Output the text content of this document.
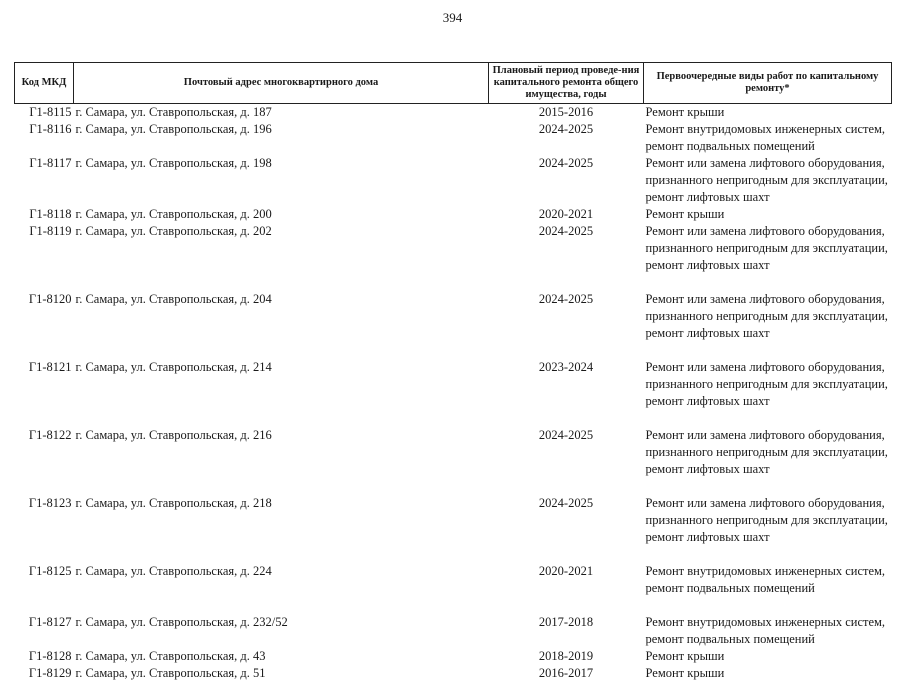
394
Код МКД	Почтовый адрес многоквартирного дома	Плановый период проведе-ния капитального ремонта общего имущества, годы	Первоочередные виды работ по капитальному ремонту*
Г1-8115	г. Самара, ул. Ставропольская, д. 187	2015-2016	Ремонт крыши

Г1-8116	г. Самара, ул. Ставропольская, д. 196	2024-2025	Ремонт внутридомовых инженерных систем,
ремонт подвальных помещений

Г1-8117	г. Самара, ул. Ставропольская, д. 198	2024-2025	Ремонт или замена лифтового оборудования,
признанного непригодным для эксплуатации,
ремонт лифтовых шахт

Г1-8118	г. Самара, ул. Ставропольская, д. 200	2020-2021	Ремонт крыши

Г1-8119	г. Самара, ул. Ставропольская, д. 202	2024-2025	Ремонт или замена лифтового оборудования,
признанного непригодным для эксплуатации,
ремонт лифтовых шахт

Г1-8120	г. Самара, ул. Ставропольская, д. 204	2024-2025	Ремонт или замена лифтового оборудования,
признанного непригодным для эксплуатации,
ремонт лифтовых шахт

Г1-8121	г. Самара, ул. Ставропольская, д. 214	2023-2024	Ремонт или замена лифтового оборудования,
признанного непригодным для эксплуатации,
ремонт лифтовых шахт

Г1-8122	г. Самара, ул. Ставропольская, д. 216	2024-2025	Ремонт или замена лифтового оборудования,
признанного непригодным для эксплуатации,
ремонт лифтовых шахт

Г1-8123	г. Самара, ул. Ставропольская, д. 218	2024-2025	Ремонт или замена лифтового оборудования,
признанного непригодным для эксплуатации,
ремонт лифтовых шахт

Г1-8125	г. Самара, ул. Ставропольская, д. 224	2020-2021	Ремонт внутридомовых инженерных систем,
ремонт подвальных помещений

Г1-8127	г. Самара, ул. Ставропольская, д. 232/52	2017-2018	Ремонт внутридомовых инженерных систем,
ремонт подвальных помещений

Г1-8128	г. Самара, ул. Ставропольская, д. 43	2018-2019	Ремонт крыши

Г1-8129	г. Самара, ул. Ставропольская, д. 51	2016-2017	Ремонт крыши
